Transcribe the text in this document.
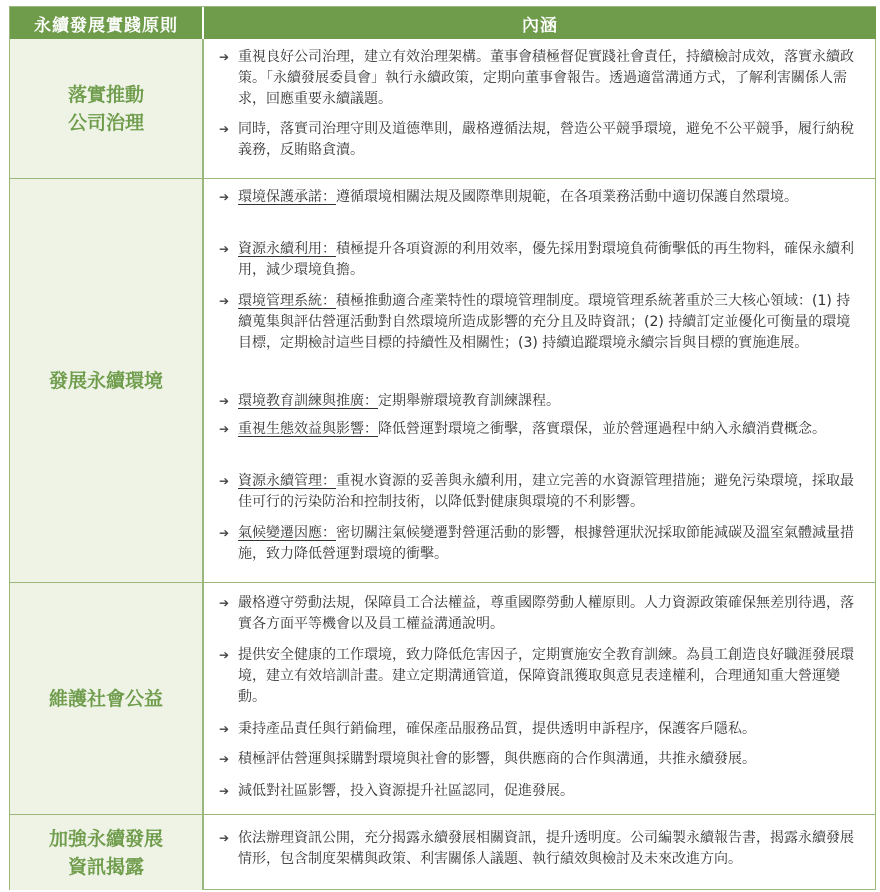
永續發展實踐原則	內涵
落實推動
公司治理
➔ 重視良好公司治理，建立有效治理架構。董事會積極督促實踐社會責任，持續檢討成效，落實永續政策。「永續發展委員會」執行永續政策，定期向董事會報告。透過適當溝通方式，了解利害關係人需求，回應重要永續議題。
➔ 同時，落實司治理守則及道德準則，嚴格遵循法規，營造公平競爭環境，避免不公平競爭，履行納稅義務，反賄賂貪瀆。
發展永續環境
➔ 環境保護承諾：遵循環境相關法規及國際準則規範，在各項業務活動中適切保護自然環境。
➔ 資源永續利用：積極提升各項資源的利用效率，優先採用對環境負荷衝擊低的再生物料，確保永續利用，減少環境負擔。
➔ 環境管理系統：積極推動適合產業特性的環境管理制度。環境管理系統著重於三大核心領域：(1) 持續蒐集與評估營運活動對自然環境所造成影響的充分且及時資訊；(2) 持續訂定並優化可衡量的環境目標，定期檢討這些目標的持續性及相關性；(3) 持續追蹤環境永續宗旨與目標的實施進展。
➔ 環境教育訓練與推廣：定期舉辦環境教育訓練課程。
➔ 重視生態效益與影響：降低營運對環境之衝擊，落實環保，並於營運過程中納入永續消費概念。
➔ 資源永續管理：重視水資源的妥善與永續利用，建立完善的水資源管理措施；避免污染環境，採取最佳可行的污染防治和控制技術，以降低對健康與環境的不利影響。
➔ 氣候變遷因應：密切關注氣候變遷對營運活動的影響，根據營運狀況採取節能減碳及溫室氣體減量措施，致力降低營運對環境的衝擊。
維護社會公益
➔ 嚴格遵守勞動法規，保障員工合法權益，尊重國際勞動人權原則。人力資源政策確保無差別待遇，落實各方面平等機會以及員工權益溝通說明。
➔ 提供安全健康的工作環境，致力降低危害因子，定期實施安全教育訓練。為員工創造良好職涯發展環境，建立有效培訓計畫。建立定期溝通管道，保障資訊獲取與意見表達權利，合理通知重大營運變動。
➔ 秉持產品責任與行銷倫理，確保產品服務品質，提供透明申訴程序，保護客戶隱私。
➔ 積極評估營運與採購對環境與社會的影響，與供應商的合作與溝通，共推永續發展。
➔ 減低對社區影響，投入資源提升社區認同，促進發展。
加強永續發展
資訊揭露
➔ 依法辦理資訊公開，充分揭露永續發展相關資訊，提升透明度。公司編製永續報告書，揭露永續發展情形，包含制度架構與政策、利害關係人議題、執行績效與檢討及未來改進方向。
